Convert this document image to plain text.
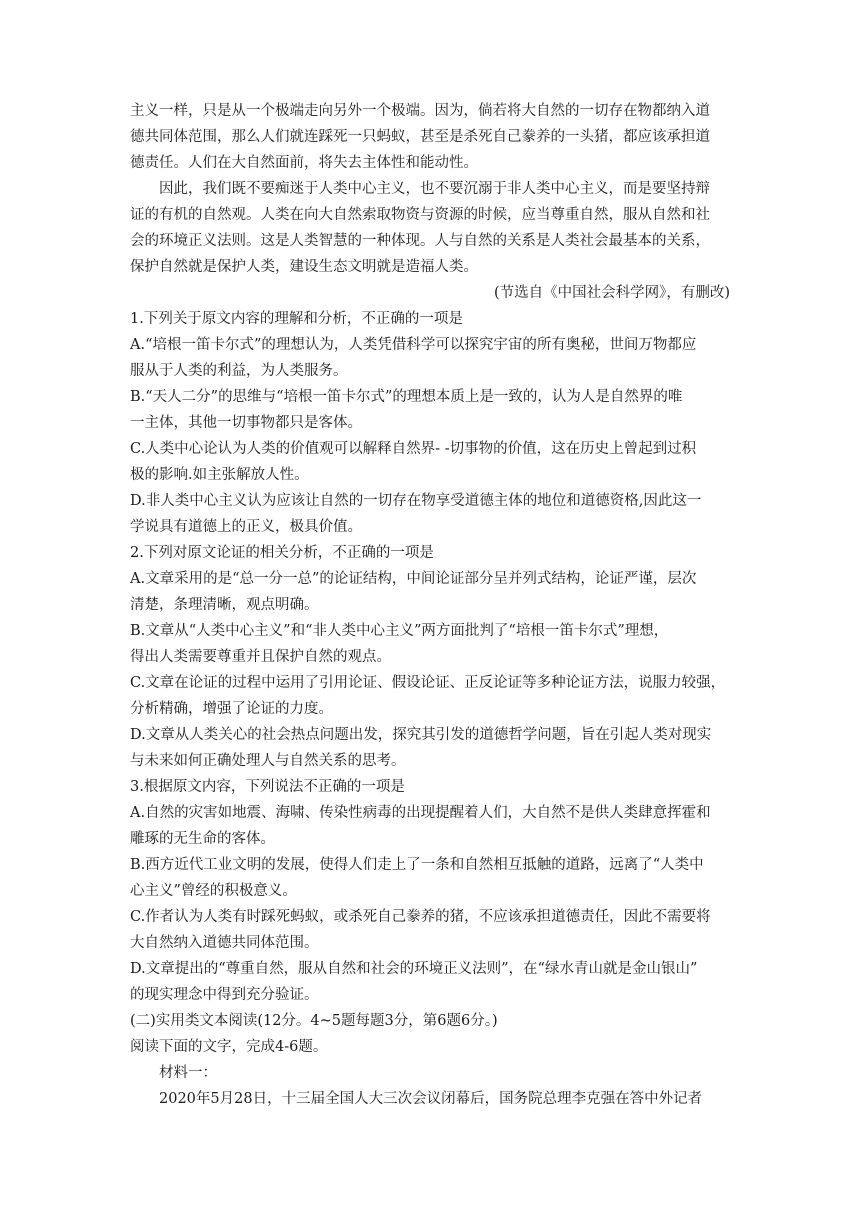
主义一样，只是从一个极端走向另外一个极端。因为，倘若将大自然的一切存在物都纳入道
德共同体范围，那么人们就连踩死一只蚂蚁，甚至是杀死自己豢养的一头猪，都应该承担道
德责任。人们在大自然面前，将失去主体性和能动性。
因此，我们既不要痴迷于人类中心主义，也不要沉溺于非人类中心主义，而是要坚持辩
证的有机的自然观。人类在向大自然索取物资与资源的时候，应当尊重自然，服从自然和社
会的环境正义法则。这是人类智慧的一种体现。人与自然的关系是人类社会最基本的关系，
保护自然就是保护人类，建设生态文明就是造福人类。
(节选自《中国社会科学网》，有删改)
1.下列关于原文内容的理解和分析，不正确的一项是
A.“培根一笛卡尔式”的理想认为，人类凭借科学可以探究宇宙的所有奥秘，世间万物都应
服从于人类的利益，为人类服务。
B.“天人二分”的思维与“培根一笛卡尔式”的理想本质上是一致的，认为人是自然界的唯
一主体，其他一切事物都只是客体。
C.人类中心论认为人类的价值观可以解释自然界- -切事物的价值，这在历史上曾起到过积
极的影响.如主张解放人性。
D.非人类中心主义认为应该让自然的一切存在物享受道德主体的地位和道德资格,因此这一
学说具有道德上的正义，极具价值。
2.下列对原文论证的相关分析，不正确的一项是
A.文章采用的是“总一分一总”的论证结构，中间论证部分呈并列式结构，论证严谨，层次
清楚，条理清晰，观点明确。
B.文章从“人类中心主义”和“非人类中心主义”两方面批判了“培根一笛卡尔式”理想，
得出人类需要尊重并且保护自然的观点。
C.文章在论证的过程中运用了引用论证、假设论证、正反论证等多种论证方法，说服力较强，
分析精确，增强了论证的力度。
D.文章从人类关心的社会热点问题出发，探究其引发的道德哲学问题，旨在引起人类对现实
与未来如何正确处理人与自然关系的思考。
3.根据原文内容，下列说法不正确的一项是
A.自然的灾害如地震、海啸、传染性病毒的出现提醒着人们，大自然不是供人类肆意挥霍和
雕琢的无生命的客体。
B.西方近代工业文明的发展，使得人们走上了一条和自然相互抵触的道路，远离了“人类中
心主义”曾经的积极意义。
C.作者认为人类有时踩死蚂蚁，或杀死自己豢养的猪，不应该承担道德责任，因此不需要将
大自然纳入道德共同体范围。
D.文章提出的“尊重自然，服从自然和社会的环境正义法则”，在“绿水青山就是金山银山”
的现实理念中得到充分验证。
(二)实用类文本阅读(12分。4~5题每题3分，第6题6分。)
阅读下面的文字，完成4-6题。
材料一：
2020年5月28日，十三届全国人大三次会议闭幕后，国务院总理李克强在答中外记者
